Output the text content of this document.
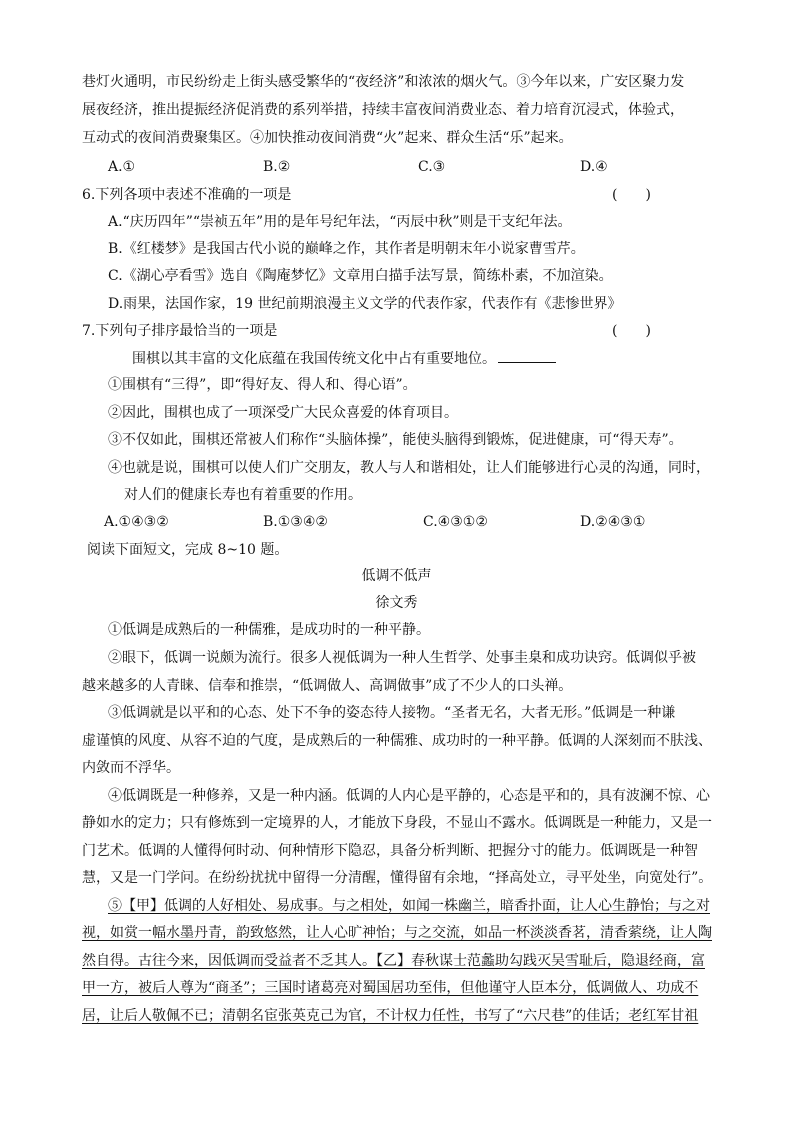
巷灯火通明，市民纷纷走上街头感受繁华的“夜经济”和浓浓的烟火气。③今年以来，广安区聚力发
展夜经济，推出提振经济促消费的系列举措，持续丰富夜间消费业态、着力培育沉浸式，体验式，
互动式的夜间消费聚集区。④加快推动夜间消费“火”起来、群众生活“乐”起来。
A.①	B.②	C.③	D.④
6.下列各项中表述不准确的一项是	(　　)
A.“庆历四年”“崇祯五年”用的是年号纪年法，“丙辰中秋”则是干支纪年法。
B.《红楼梦》是我国古代小说的巅峰之作，其作者是明朝末年小说家曹雪芹。
C.《湖心亭看雪》选自《陶庵梦忆》文章用白描手法写景，简练朴素，不加渲染。
D.雨果，法国作家，19 世纪前期浪漫主义文学的代表作家，代表作有《悲惨世界》
7.下列句子排序最恰当的一项是	(　　)
围棋以其丰富的文化底蕴在我国传统文化中占有重要地位。
①围棋有“三得”，即“得好友、得人和、得心语”。
②因此，围棋也成了一项深受广大民众喜爱的体育项目。
③不仅如此，围棋还常被人们称作“头脑体操”，能使头脑得到锻炼，促进健康，可“得天寿”。
④也就是说，围棋可以使人们广交朋友，教人与人和谐相处，让人们能够进行心灵的沟通，同时，
对人们的健康长寿也有着重要的作用。
A.①④③②	B.①③④②	C.④③①②	D.②④③①
阅读下面短文，完成 8~10 题。
低调不低声
徐文秀
①低调是成熟后的一种儒雅，是成功时的一种平静。
②眼下，低调一说颇为流行。很多人视低调为一种人生哲学、处事圭臬和成功诀窍。低调似乎被
越来越多的人青睐、信奉和推崇，“低调做人、高调做事”成了不少人的口头禅。
③低调就是以平和的心态、处下不争的姿态待人接物。“圣者无名，大者无形。”低调是一种谦
虚谨慎的风度、从容不迫的气度，是成熟后的一种儒雅、成功时的一种平静。低调的人深刻而不肤浅、
内敛而不浮华。
④低调既是一种修养，又是一种内涵。低调的人内心是平静的，心态是平和的，具有波澜不惊、心
静如水的定力；只有修炼到一定境界的人，才能放下身段，不显山不露水。低调既是一种能力，又是一
门艺术。低调的人懂得何时动、何种情形下隐忍，具备分析判断、把握分寸的能力。低调既是一种智
慧，又是一门学问。在纷纷扰扰中留得一分清醒，懂得留有余地，“择高处立，寻平处坐，向宽处行”。
⑤【甲】低调的人好相处、易成事。与之相处，如闻一株幽兰，暗香扑面，让人心生静怡；与之对
视，如赏一幅水墨丹青，韵致悠然，让人心旷神怡；与之交流，如品一杯淡淡香茗，清香萦绕，让人陶
然自得。古往今来，因低调而受益者不乏其人。【乙】春秋谋士范蠡助勾践灭吴雪耻后，隐退经商，富
甲一方，被后人尊为“商圣”；三国时诸葛亮对蜀国居功至伟，但他谨守人臣本分，低调做人、功成不
居，让后人敬佩不已；清朝名宦张英克己为官，不计权力任性，书写了“六尺巷”的佳话；老红军甘祖
